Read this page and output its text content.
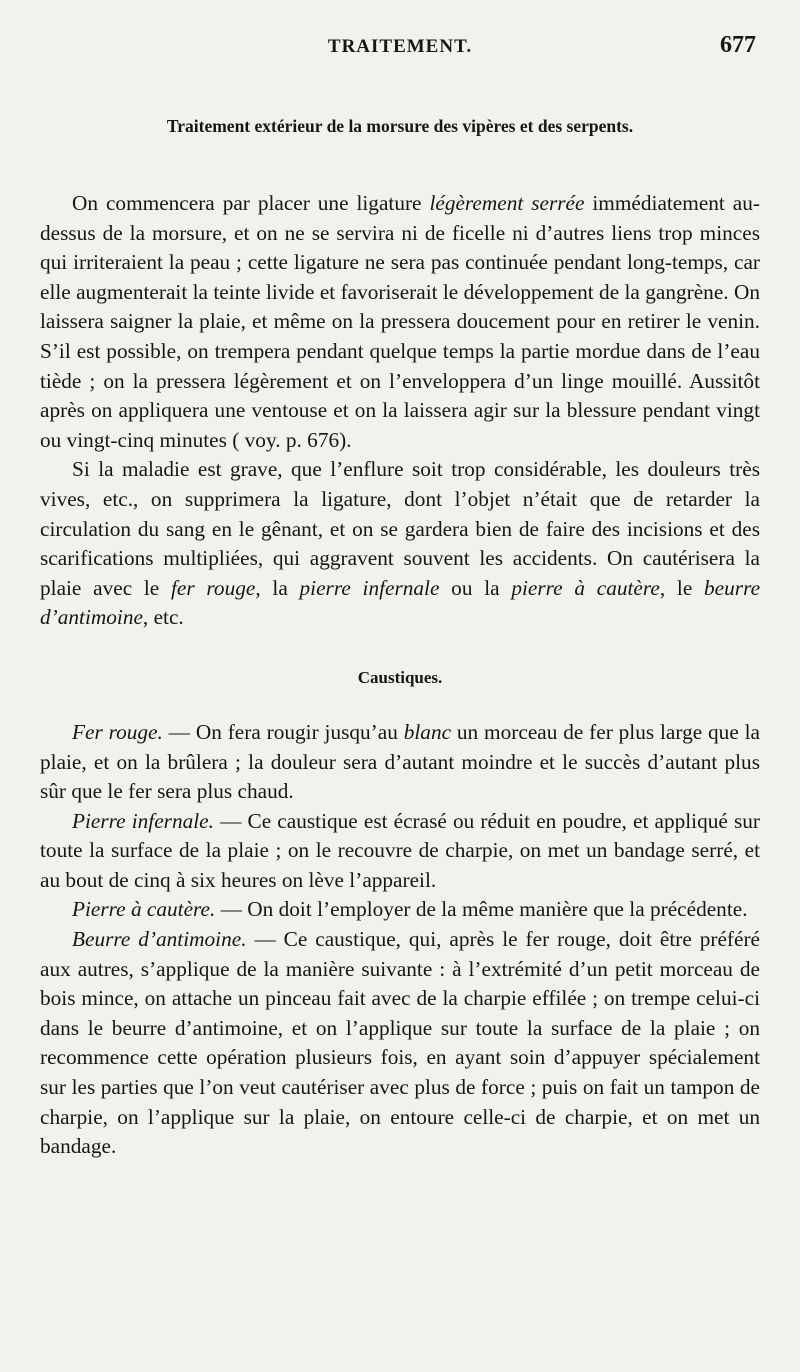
TRAITEMENT.	677
Traitement extérieur de la morsure des vipères et des serpents.

On commencera par placer une ligature légèrement serrée immédiatement au-dessus de la morsure, et on ne se servira ni de ficelle ni d’autres liens trop minces qui irriteraient la peau ; cette ligature ne sera pas continuée pendant long-temps, car elle augmenterait la teinte livide et favoriserait le développement de la gangrène. On laissera saigner la plaie, et même on la pressera doucement pour en retirer le venin. S’il est possible, on trempera pendant quelque temps la partie mordue dans de l’eau tiède ; on la pressera légèrement et on l’enveloppera d’un linge mouillé. Aussitôt après on appliquera une ventouse et on la laissera agir sur la blessure pendant vingt ou vingt-cinq minutes ( voy. p. 676).

Si la maladie est grave, que l’enflure soit trop considérable, les douleurs très vives, etc., on supprimera la ligature, dont l’objet n’était que de retarder la circulation du sang en le gênant, et on se gardera bien de faire des incisions et des scarifications multipliées, qui aggravent souvent les accidents. On cautérisera la plaie avec le fer rouge, la pierre infernale ou la pierre à cautère, le beurre d’antimoine, etc.

Caustiques.

Fer rouge. — On fera rougir jusqu’au blanc un morceau de fer plus large que la plaie, et on la brûlera ; la douleur sera d’autant moindre et le succès d’autant plus sûr que le fer sera plus chaud.

Pierre infernale. — Ce caustique est écrasé ou réduit en poudre, et appliqué sur toute la surface de la plaie ; on le recouvre de charpie, on met un bandage serré, et au bout de cinq à six heures on lève l’appareil.

Pierre à cautère. — On doit l’employer de la même manière que la précédente.

Beurre d’antimoine. — Ce caustique, qui, après le fer rouge, doit être préféré aux autres, s’applique de la manière suivante : à l’extrémité d’un petit morceau de bois mince, on attache un pinceau fait avec de la charpie effilée ; on trempe celui-ci dans le beurre d’antimoine, et on l’applique sur toute la surface de la plaie ; on recommence cette opération plusieurs fois, en ayant soin d’appuyer spécialement sur les parties que l’on veut cautériser avec plus de force ; puis on fait un tampon de charpie, on l’applique sur la plaie, on entoure celle-ci de charpie, et on met un bandage.
